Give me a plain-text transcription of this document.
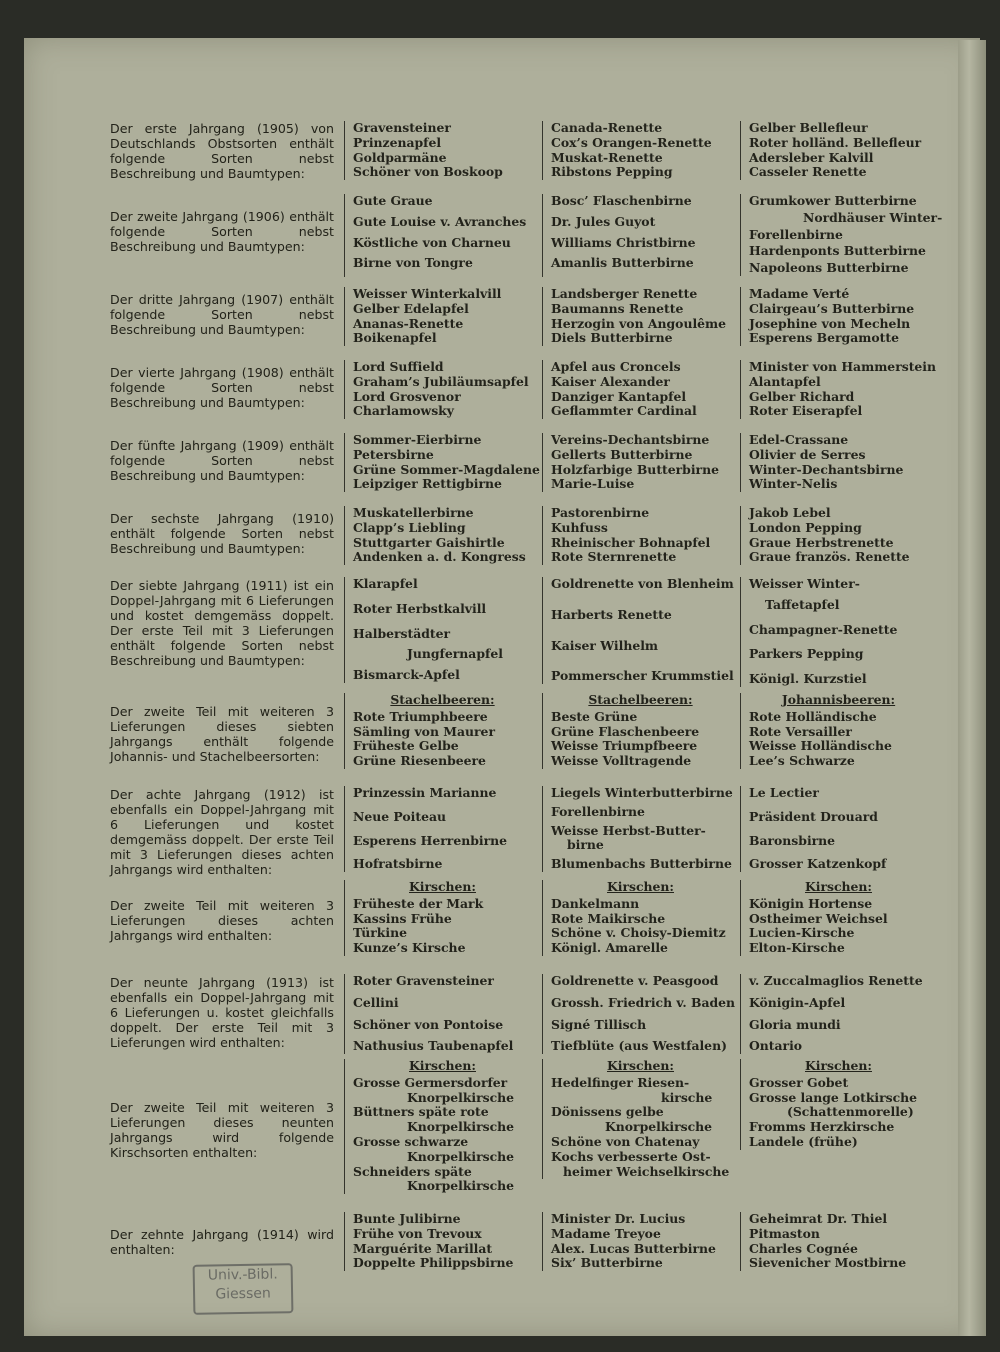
Der erste Jahrgang (1905) von Deutschlands Obstsorten enthält folgende Sorten nebst Beschreibung und Baumtypen:
Gravensteiner
Prinzenapfel
Goldparmäne
Schöner von Boskoop
Canada-Renette
Cox’s Orangen-Renette
Muskat-Renette
Ribstons Pepping
Gelber Bellefleur
Roter holländ. Bellefleur
Adersleber Kalvill
Casseler Renette
Der zweite Jahrgang (1906) enthält folgende Sorten nebst Beschreibung und Baumtypen:
Gute Graue
Gute Louise v. Avranches
Köstliche von Charneu
Birne von Tongre
Bosc’ Flaschenbirne
Dr. Jules Guyot
Williams Christbirne
Amanlis Butterbirne
Grumkower Butterbirne
Nordhäuser Winter-
Forellenbirne
Hardenponts Butterbirne
Napoleons Butterbirne
Der dritte Jahrgang (1907) enthält folgende Sorten nebst Beschreibung und Baumtypen:
Weisser Winterkalvill
Gelber Edelapfel
Ananas-Renette
Boikenapfel
Landsberger Renette
Baumanns Renette
Herzogin von Angoulême
Diels Butterbirne
Madame Verté
Clairgeau’s Butterbirne
Josephine von Mecheln
Esperens Bergamotte
Der vierte Jahrgang (1908) enthält folgende Sorten nebst Beschreibung und Baumtypen:
Lord Suffield
Graham’s Jubiläumsapfel
Lord Grosvenor
Charlamowsky
Apfel aus Croncels
Kaiser Alexander
Danziger Kantapfel
Geflammter Cardinal
Minister von Hammerstein
Alantapfel
Gelber Richard
Roter Eiserapfel
Der fünfte Jahrgang (1909) enthält folgende Sorten nebst Beschreibung und Baumtypen:
Sommer-Eierbirne
Petersbirne
Grüne Sommer-Magdalene
Leipziger Rettigbirne
Vereins-Dechantsbirne
Gellerts Butterbirne
Holzfarbige Butterbirne
Marie-Luise
Edel-Crassane
Olivier de Serres
Winter-Dechantsbirne
Winter-Nelis
Der sechste Jahrgang (1910) enthält folgende Sorten nebst Beschreibung und Baumtypen:
Muskatellerbirne
Clapp’s Liebling
Stuttgarter Gaishirtle
Andenken a. d. Kongress
Pastorenbirne
Kuhfuss
Rheinischer Bohnapfel
Rote Sternrenette
Jakob Lebel
London Pepping
Graue Herbstrenette
Graue französ. Renette
Der siebte Jahrgang (1911) ist ein Doppel-Jahrgang mit 6 Lieferungen und kostet demgemäss doppelt. Der erste Teil mit 3 Lieferungen enthält folgende Sorten nebst Beschreibung und Baumtypen:
Klarapfel
Roter Herbstkalvill
Halberstädter
Jungfernapfel
Bismarck-Apfel
Goldrenette von Blenheim
Harberts Renette
Kaiser Wilhelm
Pommerscher Krummstiel
Weisser Winter-
Taffetapfel
Champagner-Renette
Parkers Pepping
Königl. Kurzstiel
Der zweite Teil mit weiteren 3 Lieferungen dieses siebten Jahrgangs enthält folgende Johannis- und Stachelbeersorten:
Stachelbeeren:
Rote Triumphbeere
Sämling von Maurer
Früheste Gelbe
Grüne Riesenbeere
Stachelbeeren:
Beste Grüne
Grüne Flaschenbeere
Weisse Triumpfbeere
Weisse Volltragende
Johannisbeeren:
Rote Holländische
Rote Versailler
Weisse Holländische
Lee’s Schwarze
Der achte Jahrgang (1912) ist ebenfalls ein Doppel-Jahrgang mit 6 Lieferungen und kostet demgemäss doppelt. Der erste Teil mit 3 Lieferungen dieses achten Jahrgangs wird enthalten:
Prinzessin Marianne
Neue Poiteau
Esperens Herrenbirne
Hofratsbirne
Liegels Winterbutterbirne
Forellenbirne
Weisse Herbst-Butter-
birne
Blumenbachs Butterbirne
Le Lectier
Präsident Drouard
Baronsbirne
Grosser Katzenkopf
Der zweite Teil mit weiteren 3 Lieferungen dieses achten Jahrgangs wird enthalten:
Kirschen:
Früheste der Mark
Kassins Frühe
Türkine
Kunze’s Kirsche
Kirschen:
Dankelmann
Rote Maikirsche
Schöne v. Choisy-Diemitz
Königl. Amarelle
Kirschen:
Königin Hortense
Ostheimer Weichsel
Lucien-Kirsche
Elton-Kirsche
Der neunte Jahrgang (1913) ist ebenfalls ein Doppel-Jahrgang mit 6 Lieferungen u. kostet gleichfalls doppelt. Der erste Teil mit 3 Lieferungen wird enthalten:
Roter Gravensteiner
Cellini
Schöner von Pontoise
Nathusius Taubenapfel
Goldrenette v. Peasgood
Grossh. Friedrich v. Baden
Signé Tillisch
Tiefblüte (aus Westfalen)
v. Zuccalmaglios Renette
Königin-Apfel
Gloria mundi
Ontario
Der zweite Teil mit weiteren 3 Lieferungen dieses neunten Jahrgangs wird folgende Kirschsorten enthalten:
Kirschen:
Grosse Germersdorfer
Knorpelkirsche
Büttners späte rote
Knorpelkirsche
Grosse schwarze
Knorpelkirsche
Schneiders späte
Knorpelkirsche
Kirschen:
Hedelfinger Riesen-
kirsche
Dönissens gelbe
Knorpelkirsche
Schöne von Chatenay
Kochs verbesserte Ost-
heimer Weichselkirsche
Kirschen:
Grosser Gobet
Grosse lange Lotkirsche
(Schattenmorelle)
Fromms Herzkirsche
Landele (frühe)
Der zehnte Jahrgang (1914) wird enthalten:
Bunte Julibirne
Frühe von Trevoux
Marguérite Marillat
Doppelte Philippsbirne
Minister Dr. Lucius
Madame Treyoe
Alex. Lucas Butterbirne
Six’ Butterbirne
Geheimrat Dr. Thiel
Pitmaston
Charles Cognée
Sievenicher Mostbirne
Univ.-Bibl.
Giessen
